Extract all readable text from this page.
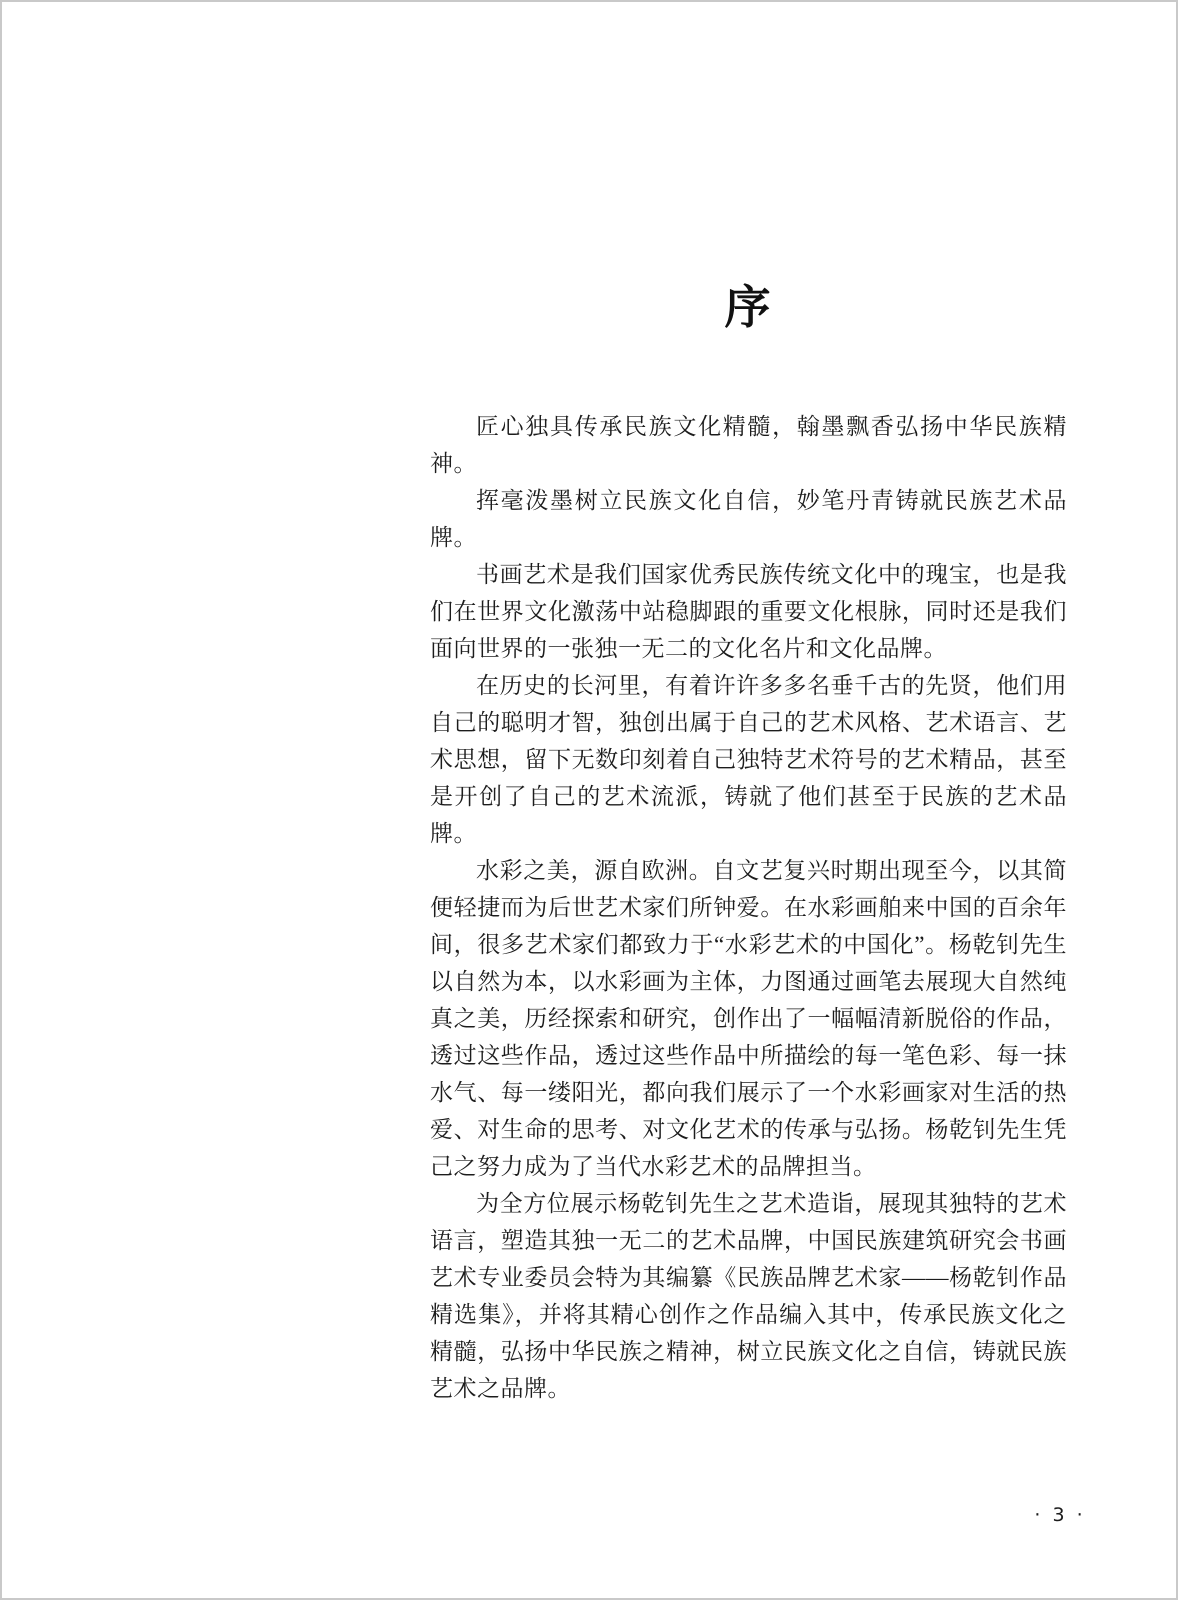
序

匠心独具传承民族文化精髓，翰墨飘香弘扬中华民族精神。

挥毫泼墨树立民族文化自信，妙笔丹青铸就民族艺术品牌。

书画艺术是我们国家优秀民族传统文化中的瑰宝，也是我们在世界文化激荡中站稳脚跟的重要文化根脉，同时还是我们面向世界的一张独一无二的文化名片和文化品牌。

在历史的长河里，有着许许多多名垂千古的先贤，他们用自己的聪明才智，独创出属于自己的艺术风格、艺术语言、艺术思想，留下无数印刻着自己独特艺术符号的艺术精品，甚至是开创了自己的艺术流派，铸就了他们甚至于民族的艺术品牌。

水彩之美，源自欧洲。自文艺复兴时期出现至今，以其简便轻捷而为后世艺术家们所钟爱。在水彩画舶来中国的百余年间，很多艺术家们都致力于“水彩艺术的中国化”。杨乾钊先生以自然为本，以水彩画为主体，力图通过画笔去展现大自然纯真之美，历经探索和研究，创作出了一幅幅清新脱俗的作品，透过这些作品，透过这些作品中所描绘的每一笔色彩、每一抹水气、每一缕阳光，都向我们展示了一个水彩画家对生活的热爱、对生命的思考、对文化艺术的传承与弘扬。杨乾钊先生凭己之努力成为了当代水彩艺术的品牌担当。

为全方位展示杨乾钊先生之艺术造诣，展现其独特的艺术语言，塑造其独一无二的艺术品牌，中国民族建筑研究会书画艺术专业委员会特为其编纂《民族品牌艺术家——杨乾钊作品精选集》，并将其精心创作之作品编入其中，传承民族文化之精髓，弘扬中华民族之精神，树立民族文化之自信，铸就民族艺术之品牌。

· 3 ·
